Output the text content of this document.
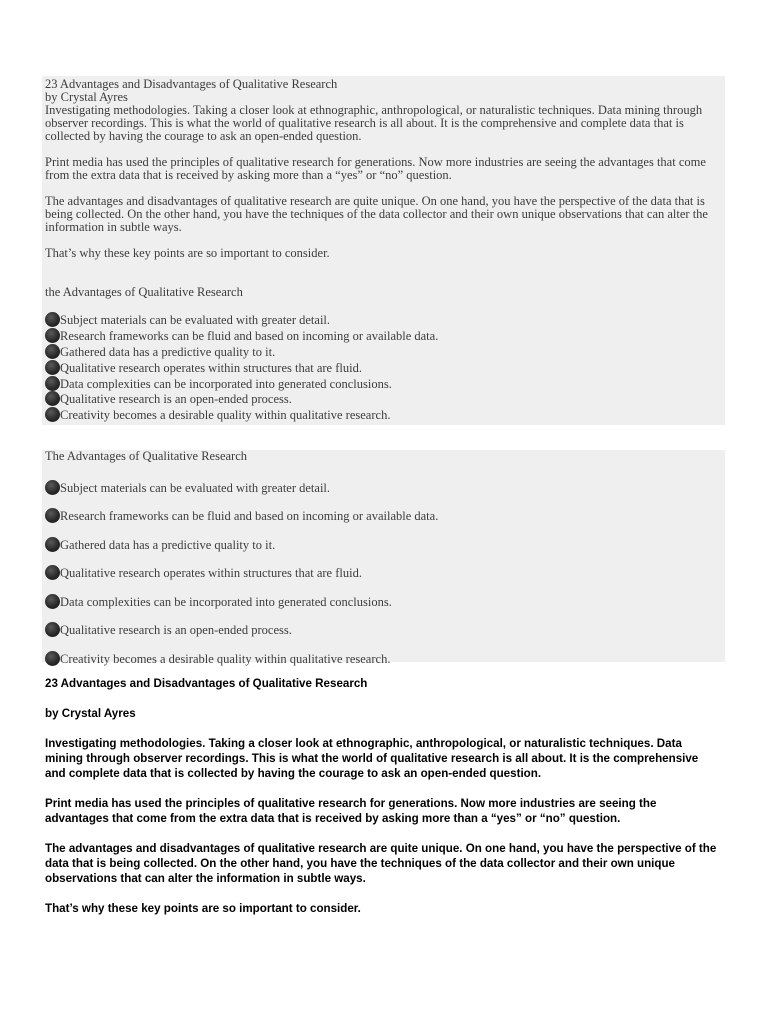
23 Advantages and Disadvantages of Qualitative Research

by Crystal Ayres

Investigating methodologies. Taking a closer look at ethnographic, anthropological, or naturalistic techniques. Data mining through observer recordings. This is what the world of qualitative research is all about. It is the comprehensive and complete data that is collected by having the courage to ask an open-ended question.

Print media has used the principles of qualitative research for generations. Now more industries are seeing the advantages that come from the extra data that is received by asking more than a “yes” or “no” question.

The advantages and disadvantages of qualitative research are quite unique. On one hand, you have the perspective of the data that is being collected. On the other hand, you have the techniques of the data collector and their own unique observations that can alter the information in subtle ways.

That’s why these key points are so important to consider.

the Advantages of Qualitative Research

Subject materials can be evaluated with greater detail.
Research frameworks can be fluid and based on incoming or available data.
Gathered data has a predictive quality to it.
Qualitative research operates within structures that are fluid.
Data complexities can be incorporated into generated conclusions.
Qualitative research is an open-ended process.
Creativity becomes a desirable quality within qualitative research.
The Advantages of Qualitative Research
Subject materials can be evaluated with greater detail.
Research frameworks can be fluid and based on incoming or available data.
Gathered data has a predictive quality to it.
Qualitative research operates within structures that are fluid.
Data complexities can be incorporated into generated conclusions.
Qualitative research is an open-ended process.
Creativity becomes a desirable quality within qualitative research.

23 Advantages and Disadvantages of Qualitative Research

by Crystal Ayres

Investigating methodologies. Taking a closer look at ethnographic, anthropological, or naturalistic techniques. Data mining through observer recordings. This is what the world of qualitative research is all about. It is the comprehensive and complete data that is collected by having the courage to ask an open-ended question.

Print media has used the principles of qualitative research for generations. Now more industries are seeing the advantages that come from the extra data that is received by asking more than a “yes” or “no” question.

The advantages and disadvantages of qualitative research are quite unique. On one hand, you have the perspective of the data that is being collected. On the other hand, you have the techniques of the data collector and their own unique observations that can alter the information in subtle ways.

That’s why these key points are so important to consider.
